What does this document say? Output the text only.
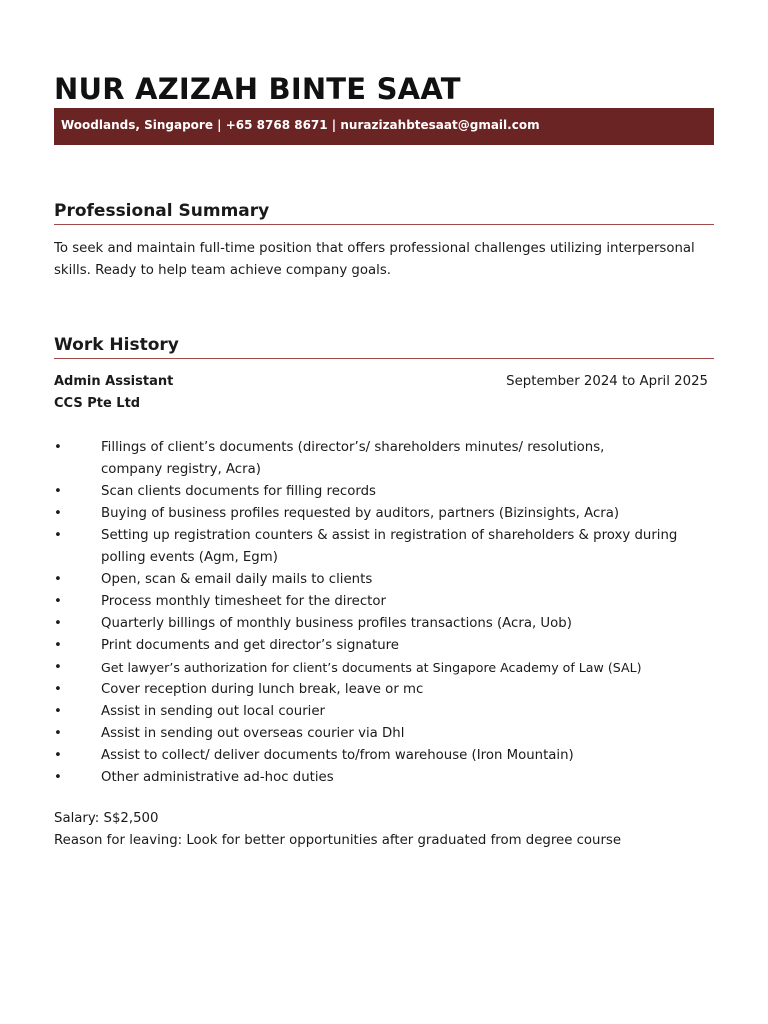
NUR AZIZAH BINTE SAAT
Woodlands, Singapore | +65 8768 8671 | nurazizahbtesaat@gmail.com
Professional Summary
To seek and maintain full-time position that offers professional challenges utilizing interpersonal skills. Ready to help team achieve company goals.
Work History
Admin Assistant	September 2024 to April 2025
CCS Pte Ltd
•	Fillings of client’s documents (director’s/ shareholders minutes/ resolutions, company registry, Acra)
•	Scan clients documents for filling records
•	Buying of business profiles requested by auditors, partners (Bizinsights, Acra)
•	Setting up registration counters & assist in registration of shareholders & proxy during polling events (Agm, Egm)
•	Open, scan & email daily mails to clients
•	Process monthly timesheet for the director
•	Quarterly billings of monthly business profiles transactions (Acra, Uob)
•	Print documents and get director’s signature
•	Get lawyer’s authorization for client’s documents at Singapore Academy of Law (SAL)
•	Cover reception during lunch break, leave or mc
•	Assist in sending out local courier
•	Assist in sending out overseas courier via Dhl
•	Assist to collect/ deliver documents to/from warehouse (Iron Mountain)
•	Other administrative ad-hoc duties
Salary: S$2,500
Reason for leaving: Look for better opportunities after graduated from degree course
